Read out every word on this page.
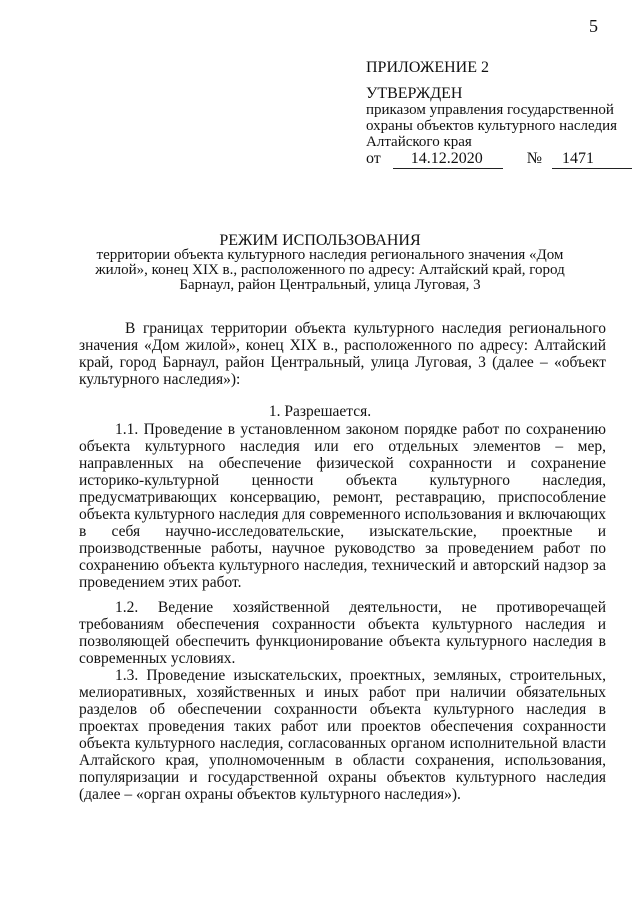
5
ПРИЛОЖЕНИЕ 2
УТВЕРЖДЕН
приказом управления государственной охраны объектов культурного наследия Алтайского края
от 14.12.2020	№ 1471
РЕЖИМ ИСПОЛЬЗОВАНИЯ
территории объекта культурного наследия регионального значения «Дом жилой», конец XIX в., расположенного по адресу: Алтайский край, город Барнаул, район Центральный, улица Луговая, 3
В границах территории объекта культурного наследия регионального значения «Дом жилой», конец XIX в., расположенного по адресу: Алтайский край, город Барнаул, район Центральный, улица Луговая, 3 (далее – «объект культурного наследия»):
1. Разрешается.
1.1. Проведение в установленном законом порядке работ по сохранению объекта культурного наследия или его отдельных элементов – мер, направленных на обеспечение физической сохранности и сохранение историко-культурной ценности объекта культурного наследия, предусматривающих консервацию, ремонт, реставрацию, приспособление объекта культурного наследия для современного использования и включающих в себя научно-исследовательские, изыскательские, проектные и производственные работы, научное руководство за проведением работ по сохранению объекта культурного наследия, технический и авторский надзор за проведением этих работ.
1.2. Ведение хозяйственной деятельности, не противоречащей требованиям обеспечения сохранности объекта культурного наследия и позволяющей обеспечить функционирование объекта культурного наследия в современных условиях.
1.3. Проведение изыскательских, проектных, земляных, строительных, мелиоративных, хозяйственных и иных работ при наличии обязательных разделов об обеспечении сохранности объекта культурного наследия в проектах проведения таких работ или проектов обеспечения сохранности объекта культурного наследия, согласованных органом исполнительной власти Алтайского края, уполномоченным в области сохранения, использования, популяризации и государственной охраны объектов культурного наследия (далее – «орган охраны объектов культурного наследия»).
